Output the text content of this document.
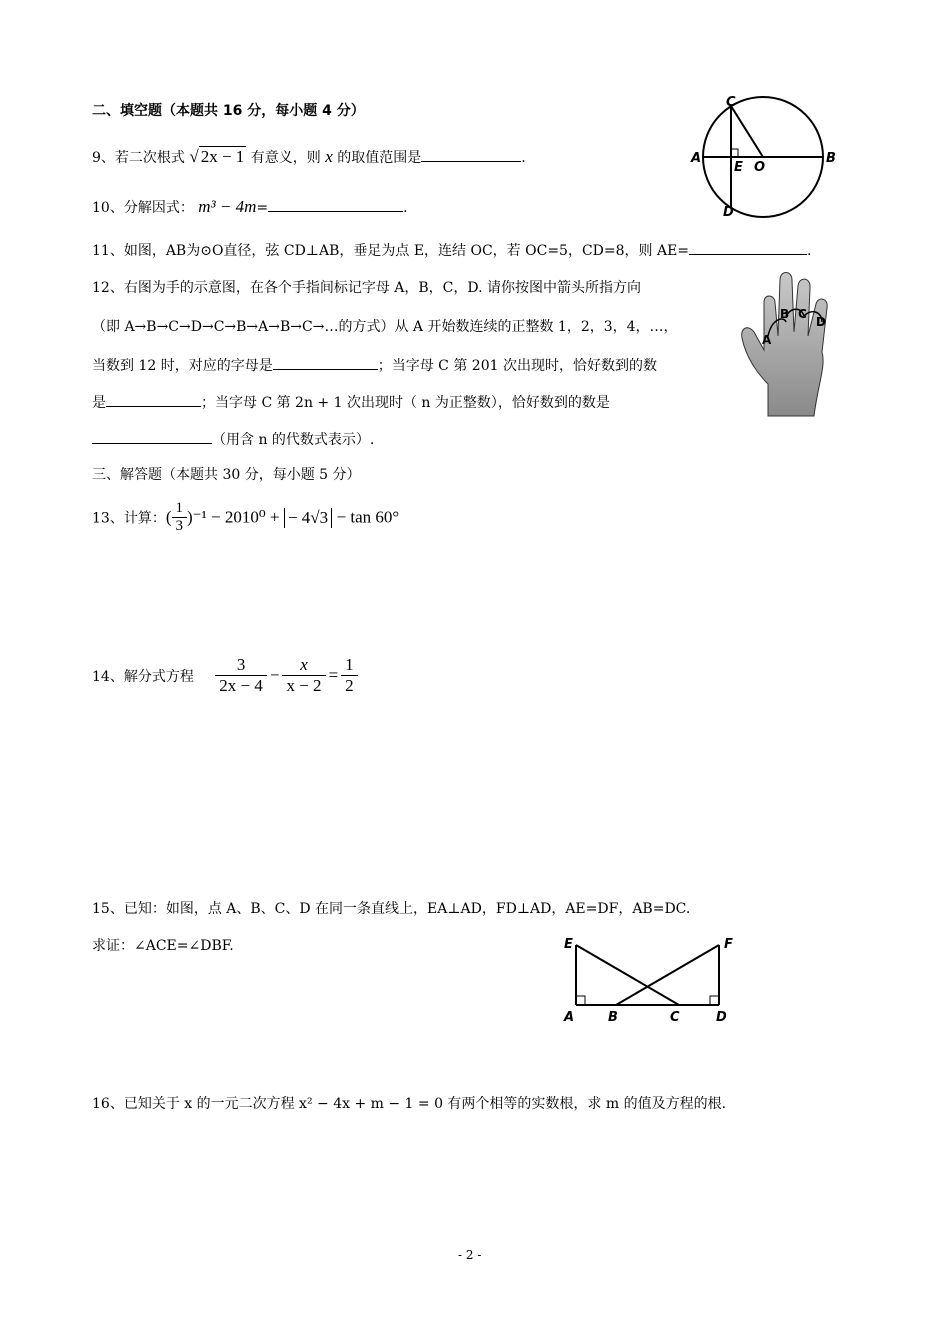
二、填空题（本题共 16 分，每小题 4 分）
9、若二次根式 √ 2x − 1 有意义，则 x 的取值范围是	.
10、分解因式： m³ − 4m=	.
11、如图，AB为⊙O直径，弦 CD⊥AB，垂足为点 E，连结 OC，若 OC=5，CD=8，则 AE=	.
12、右图为手的示意图，在各个手指间标记字母 A，B，C，D. 请你按图中箭头所指方向
（即 A→B→C→D→C→B→A→B→C→…的方式）从 A 开始数连续的正整数 1，2，3，4，…，
当数到 12 时，对应的字母是	；当字母 C 第 201 次出现时，恰好数到的数
是	；当字母 C 第 2n + 1 次出现时（ n 为正整数），恰好数到的数是
（用含 n 的代数式表示）.
三、解答题（本题共 30 分，每小题 5 分）
13、计算：( $\frac{1}{3} )^{-1} - 2010^0$ + − 4√3 − tan 60°
14、解分式方程 $\frac{3}{2x - 4} - \frac{x}{x - 2} = \frac{1}{2}$
15、已知：如图，点 A、B、C、D 在同一条直线上，EA⊥AD，FD⊥AD，AE=DF，AB=DC.
求证：∠ACE=∠DBF.
16、已知关于 x 的一元二次方程 x² − 4x + m − 1 = 0 有两个相等的实数根，求 m 的值及方程的根.
- 2 -
C
A	B
E O
D
A
B C
D
E	F
A	B	C	D
